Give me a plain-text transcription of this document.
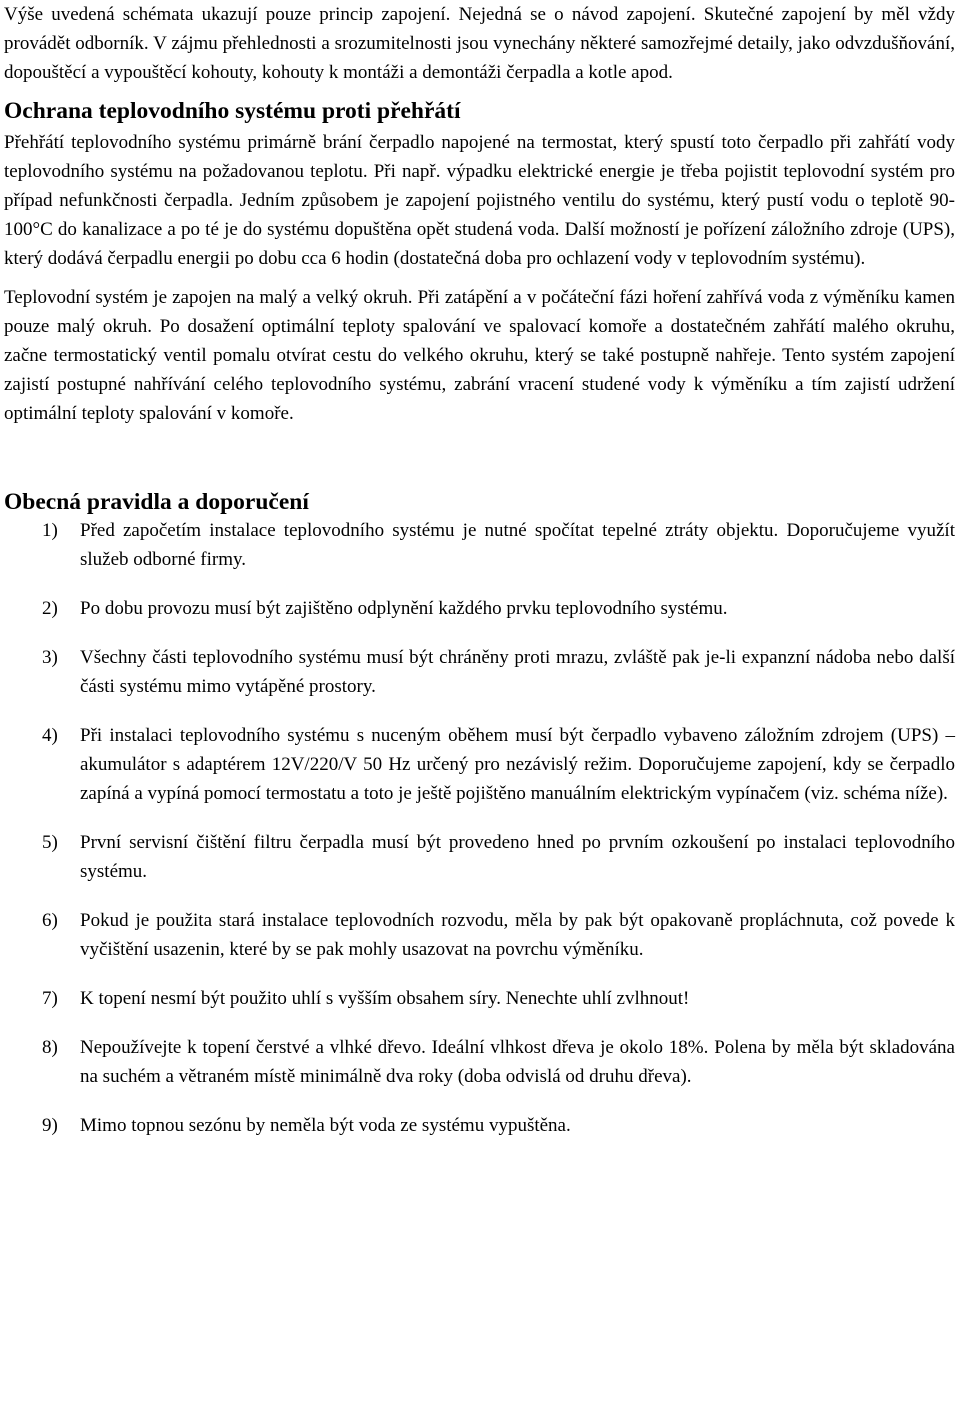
Výše uvedená schémata ukazují pouze princip zapojení. Nejedná se o návod zapojení. Skutečné zapojení by měl vždy provádět odborník. V zájmu přehlednosti a srozumitelnosti jsou vynechány některé samozřejmé detaily, jako odvzdušňování, dopouštěcí a vypouštěcí kohouty, kohouty k montáži a demontáži čerpadla a kotle apod.

Ochrana teplovodního systému proti přehřátí

Přehřátí teplovodního systému primárně brání čerpadlo napojené na termostat, který spustí toto čerpadlo při zahřátí vody teplovodního systému na požadovanou teplotu. Při např. výpadku elektrické energie je třeba pojistit teplovodní systém pro případ nefunkčnosti čerpadla. Jedním způsobem je zapojení pojistného ventilu do systému, který pustí vodu o teplotě 90-100°C do kanalizace a po té je do systému dopuštěna opět studená voda. Další možností je pořízení záložního zdroje (UPS), který dodává čerpadlu energii po dobu cca 6 hodin (dostatečná doba pro ochlazení vody v teplovodním systému).

Teplovodní systém je zapojen na malý a velký okruh. Při zatápění a v počáteční fázi hoření zahřívá voda z výměníku kamen pouze malý okruh. Po dosažení optimální teploty spalování ve spalovací komoře a dostatečném zahřátí malého okruhu, začne termostatický ventil pomalu otvírat cestu do velkého okruhu, který se také postupně nahřeje. Tento systém zapojení zajistí postupné nahřívání celého teplovodního systému, zabrání vracení studené vody k výměníku a tím zajistí udržení optimální teploty spalování v komoře.

Obecná pravidla a doporučení
1) Před započetím instalace teplovodního systému je nutné spočítat tepelné ztráty objektu. Doporučujeme využít služeb odborné firmy.

2) Po dobu provozu musí být zajištěno odplynění každého prvku teplovodního systému.

3) Všechny části teplovodního systému musí být chráněny proti mrazu, zvláště pak je-li expanzní nádoba nebo další části systému mimo vytápěné prostory.

4) Při instalaci teplovodního systému s nuceným oběhem musí být čerpadlo vybaveno záložním zdrojem (UPS) – akumulátor s adaptérem 12V/220/V 50 Hz určený pro nezávislý režim. Doporučujeme zapojení, kdy se čerpadlo zapíná a vypíná pomocí termostatu a toto je ještě pojištěno manuálním elektrickým vypínačem (viz. schéma níže).

5) První servisní čištění filtru čerpadla musí být provedeno hned po prvním ozkoušení po instalaci teplovodního systému.

6) Pokud je použita stará instalace teplovodních rozvodu, měla by pak být opakovaně propláchnuta, což povede k vyčištění usazenin, které by se pak mohly usazovat na povrchu výměníku.

7) K topení nesmí být použito uhlí s vyšším obsahem síry. Nenechte uhlí zvlhnout!

8) Nepoužívejte k topení čerstvé a vlhké dřevo. Ideální vlhkost dřeva je okolo 18%. Polena by měla být skladována na suchém a větraném místě minimálně dva roky (doba odvislá od druhu dřeva).

9) Mimo topnou sezónu by neměla být voda ze systému vypuštěna.
